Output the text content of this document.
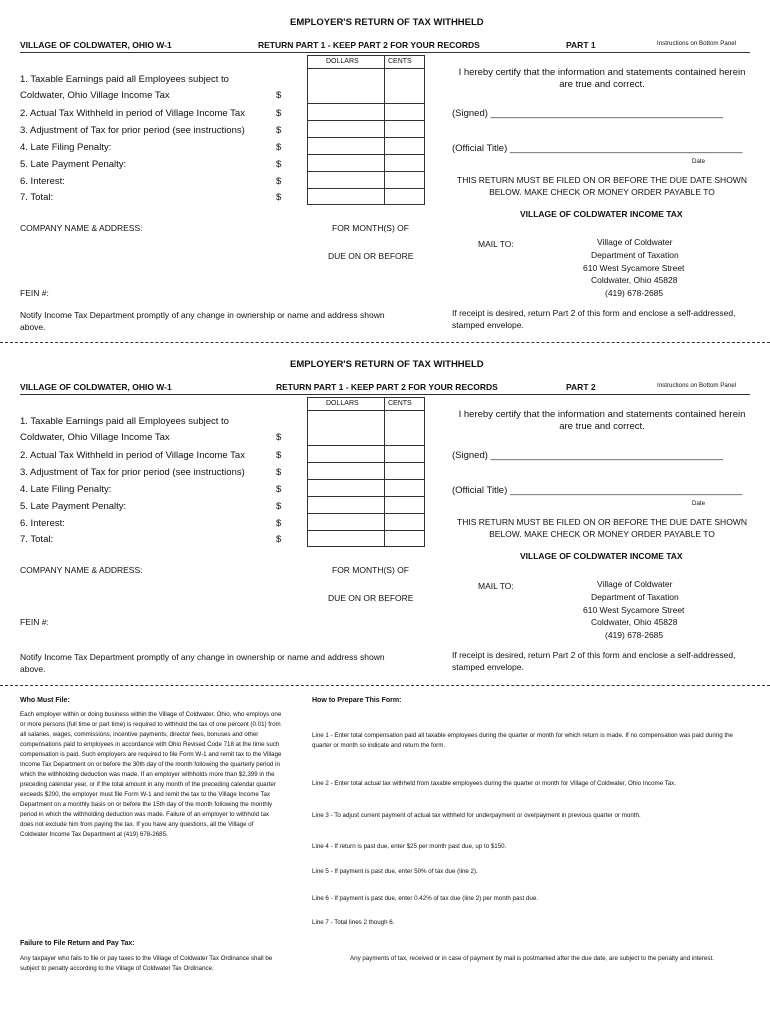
EMPLOYER'S RETURN OF TAX WITHHELD
VILLAGE OF COLDWATER, OHIO W-1	RETURN PART 1 - KEEP PART 2 FOR YOUR RECORDS	PART 1	Instructions on Bottom Panel
DOLLARS	CENTS
1. Taxable Earnings paid all Employees subject to
Coldwater, Ohio Village Income Tax	$
2. Actual Tax Withheld in period of Village Income Tax	$
3. Adjustment of Tax for prior period (see instructions)	$
4. Late Filing Penalty:	$
5. Late Payment Penalty:	$
6. Interest:	$
7. Total:	$
I hereby certify that the information and statements contained herein are true and correct.
(Signed) ____________________________________________
(Official Title) ____________________________________________
Date
THIS RETURN MUST BE FILED ON OR BEFORE THE DUE DATE SHOWN BELOW. MAKE CHECK OR MONEY ORDER PAYABLE TO
VILLAGE OF COLDWATER INCOME TAX
COMPANY NAME & ADDRESS:	FOR MONTH(S) OF
DUE ON OR BEFORE
MAIL TO:	Village of Coldwater
Department of Taxation
610 West Sycamore Street
Coldwater, Ohio 45828
(419) 678-2685
FEIN #:
Notify Income Tax Department promptly of any change in ownership or name and address shown above.
If receipt is desired, return Part 2 of this form and enclose a self-addressed, stamped envelope.
EMPLOYER'S RETURN OF TAX WITHHELD
VILLAGE OF COLDWATER, OHIO W-1	RETURN PART 1 - KEEP PART 2 FOR YOUR RECORDS	PART 2	Instructions on Bottom Panel
DOLLARS	CENTS
1. Taxable Earnings paid all Employees subject to
Coldwater, Ohio Village Income Tax	$
2. Actual Tax Withheld in period of Village Income Tax	$
3. Adjustment of Tax for prior period (see instructions)	$
4. Late Filing Penalty:	$
5. Late Payment Penalty:	$
6. Interest:	$
7. Total:	$
I hereby certify that the information and statements contained herein are true and correct.
(Signed) ____________________________________________
(Official Title) ____________________________________________
Date
THIS RETURN MUST BE FILED ON OR BEFORE THE DUE DATE SHOWN BELOW. MAKE CHECK OR MONEY ORDER PAYABLE TO
VILLAGE OF COLDWATER INCOME TAX
COMPANY NAME & ADDRESS:	FOR MONTH(S) OF
DUE ON OR BEFORE
MAIL TO:	Village of Coldwater
Department of Taxation
610 West Sycamore Street
Coldwater, Ohio 45828
(419) 678-2685
FEIN #:
Notify Income Tax Department promptly of any change in ownership or name and address shown above.
If receipt is desired, return Part 2 of this form and enclose a self-addressed, stamped envelope.
Who Must File:
Each employer within or doing business within the Village of Coldwater, Ohio, who employs one or more persons (full time or part time) is required to withhold the tax of one percent (0.01) from all salaries, wages, commissions, incentive payments, director fees, bonuses and other compensations paid to employees in accordance with Ohio Revised Code 718 at the time such compensation is paid. Such employers are required to file Form W-1 and remit tax to the Village Income Tax Department on or before the 30th day of the month following the quarterly period in which the withholding deduction was made. If an employer withholds more than $2,399 in the preceding calendar year, or if the total amount in any month of the preceding calendar quarter exceeds $200, the employer must file Form W-1 and remit the tax to the Village Income Tax Department on a monthly basis on or before the 15th day of the month following the monthly period in which the withholding deduction was made. Failure of an employer to withhold tax does not exclude him from paying the tax. If you have any questions, all the Village of Coldwater Income Tax Department at (419) 678-2685.
How to Prepare This Form:
Line 1 - Enter total compensation paid all taxable employees during the quarter or month for which return is made. If no compensation was paid during the quarter or month so indicate and return the form.
Line 2 - Enter total actual tax withheld from taxable employees during the quarter or month for Village of Coldwater, Ohio Income Tax.
Line 3 - To adjust current payment of actual tax withheld for underpayment or overpayment in previous quarter or month.
Line 4 - If return is past due, enter $25 per month past due, up to $150.
Line 5 - If payment is past due, enter 50% of tax due (line 2).
Line 6 - If payment is past due, enter 0.42% of tax due (line 2) per month past due.
Line 7 - Total lines 2 though 6.
Failure to File Return and Pay Tax:
Any taxpayer who fails to file or pay taxes to the Village of Coldwater Tax Ordinance shall be subject to penalty according to the Village of Coldwater Tax Ordinance.
Any payments of tax, received or in case of payment by mail is postmarked after the due date, are subject to the penalty and interest.
